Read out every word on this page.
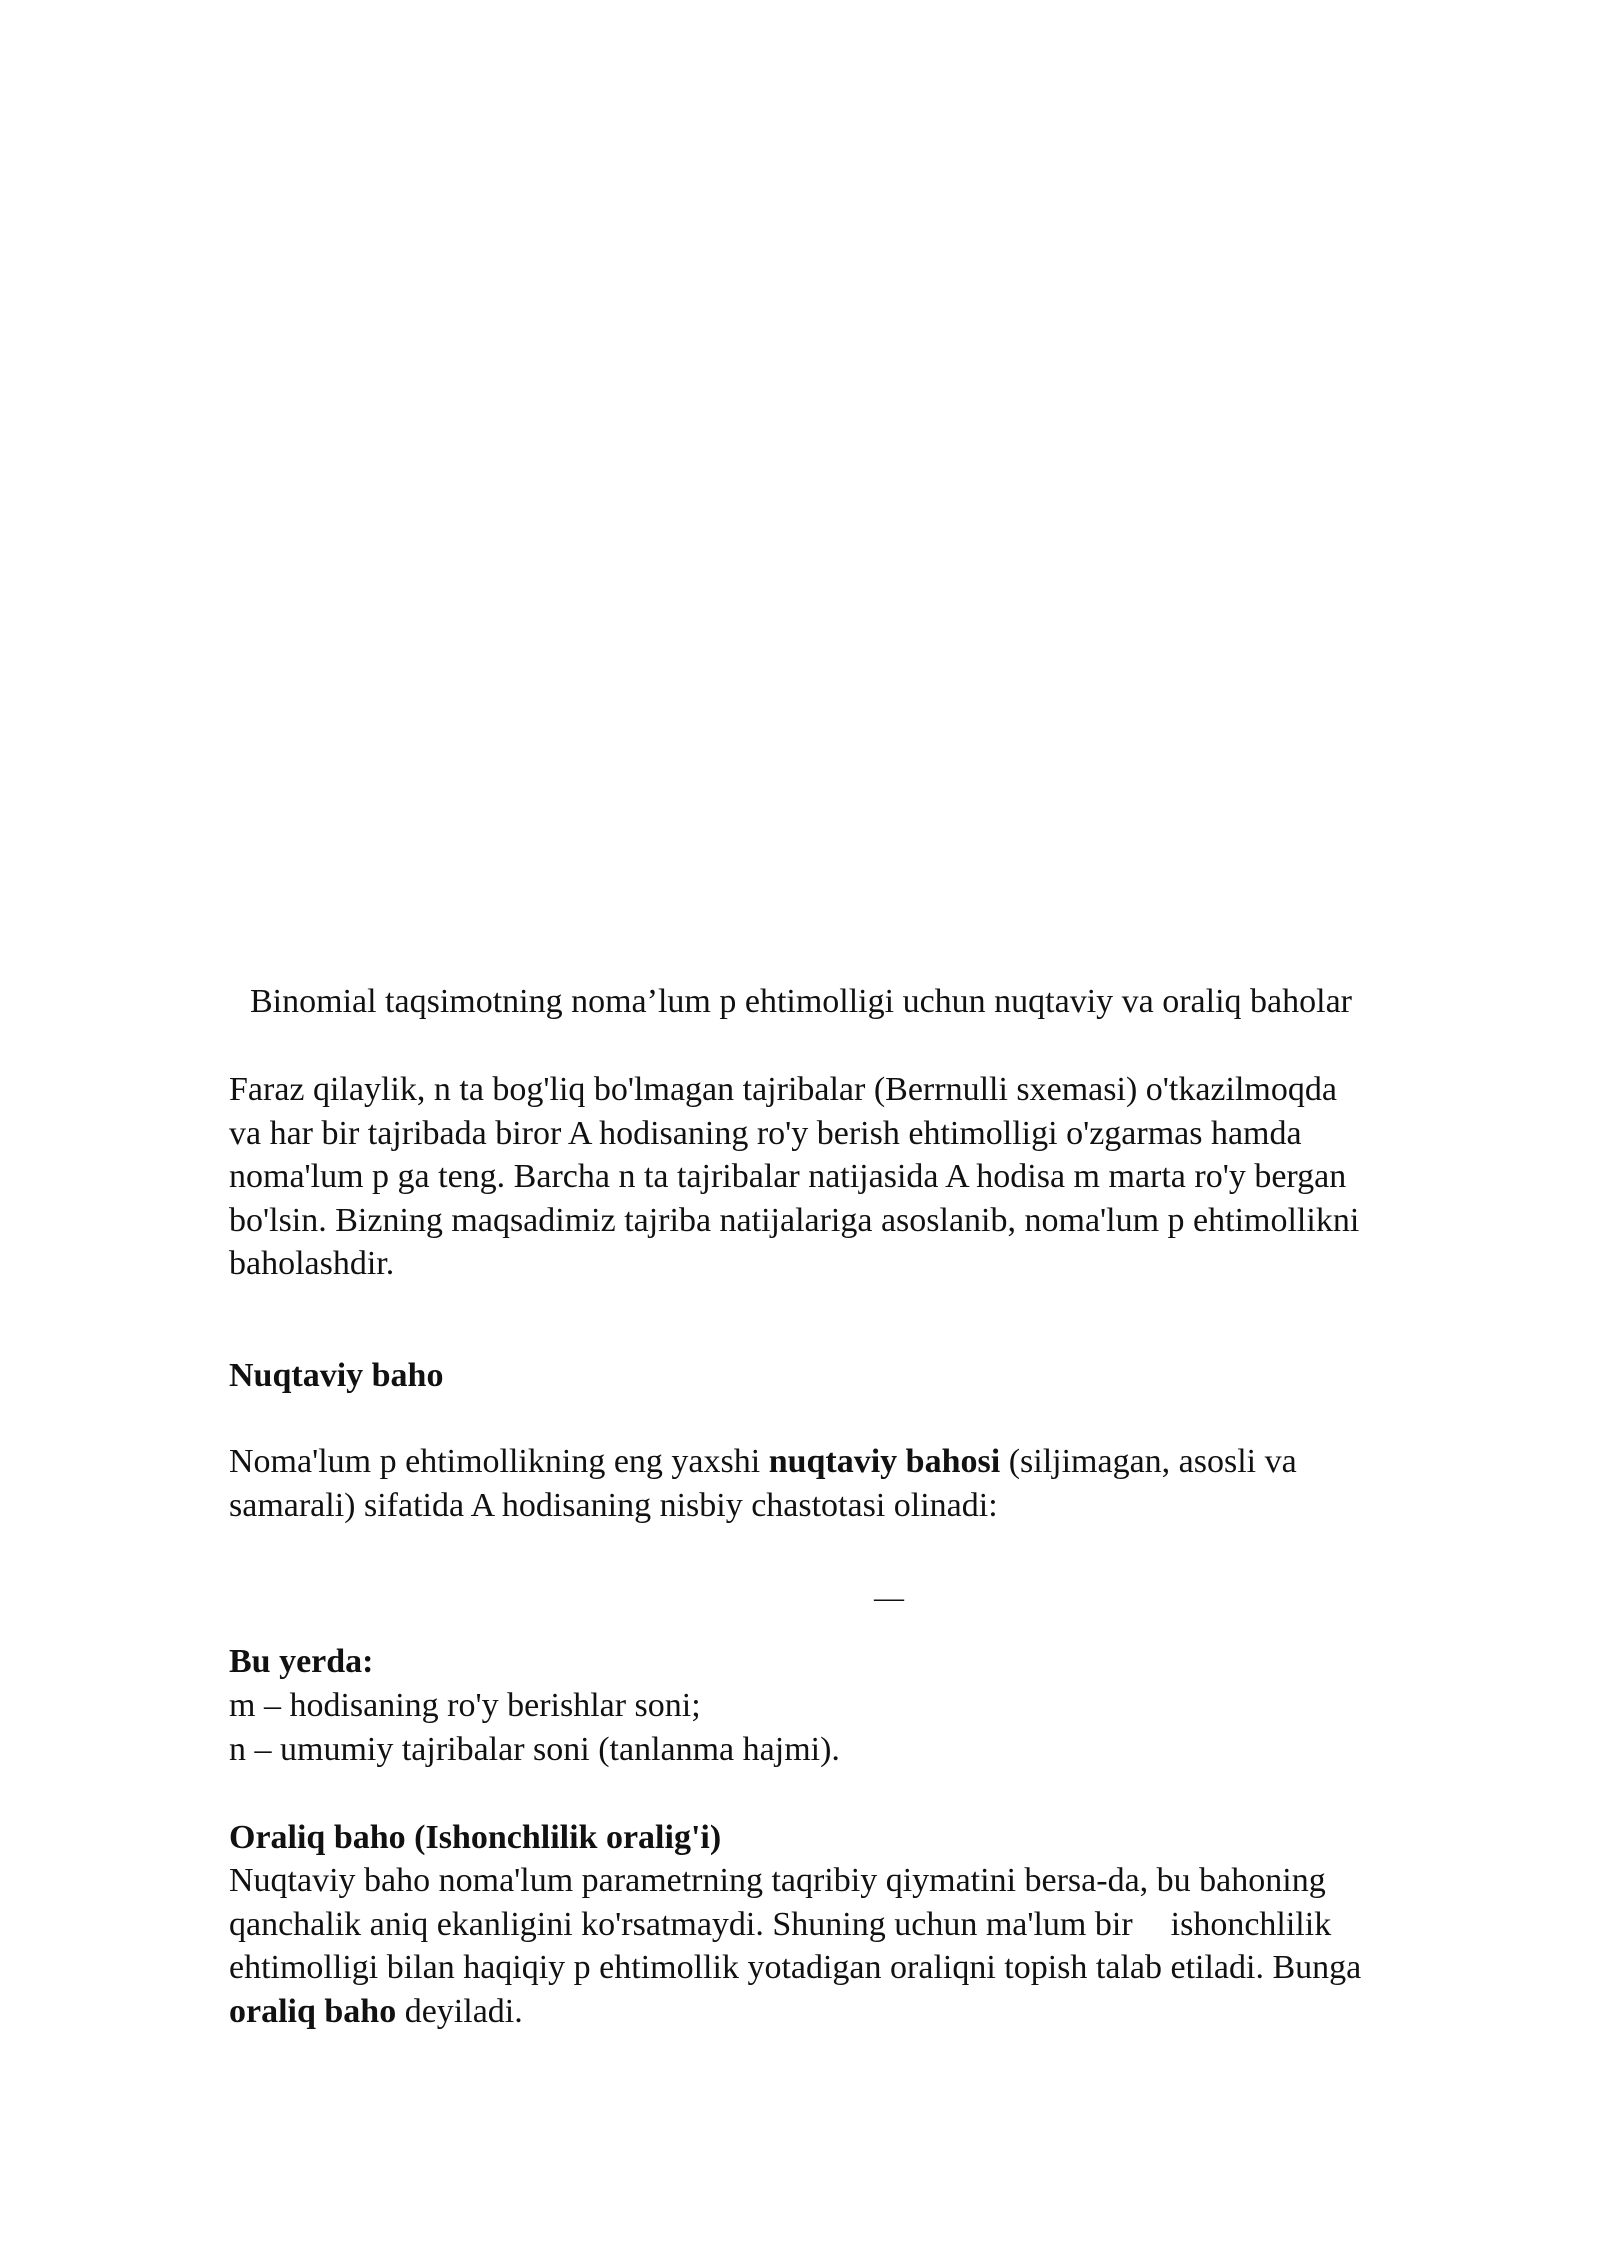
Binomial taqsimotning noma’lum p ehtimolligi uchun nuqtaviy va oraliq baholar
Faraz qilaylik, n ta bog'liq bo'lmagan tajribalar (Berrnulli sxemasi) o'tkazilmoqda
va har bir tajribada biror A hodisaning ro'y berish ehtimolligi o'zgarmas hamda
noma'lum p ga teng. Barcha n ta tajribalar natijasida A hodisa m marta ro'y bergan
bo'lsin. Bizning maqsadimiz tajriba natijalariga asoslanib, noma'lum p ehtimollikni
baholashdir.
Nuqtaviy baho
Noma'lum p ehtimollikning eng yaxshi nuqtaviy bahosi (siljimagan, asosli va
samarali) sifatida A hodisaning nisbiy chastotasi olinadi:
—
Bu yerda:
m – hodisaning ro'y berishlar soni;
n – umumiy tajribalar soni (tanlanma hajmi).
Oraliq baho (Ishonchlilik oralig'i)
Nuqtaviy baho noma'lum parametrning taqribiy qiymatini bersa-da, bu bahoning
qanchalik aniq ekanligini ko'rsatmaydi. Shuning uchun ma'lum bir ishonchlilik
ehtimolligi bilan haqiqiy p ehtimollik yotadigan oraliqni topish talab etiladi. Bunga
oraliq baho deyiladi.
